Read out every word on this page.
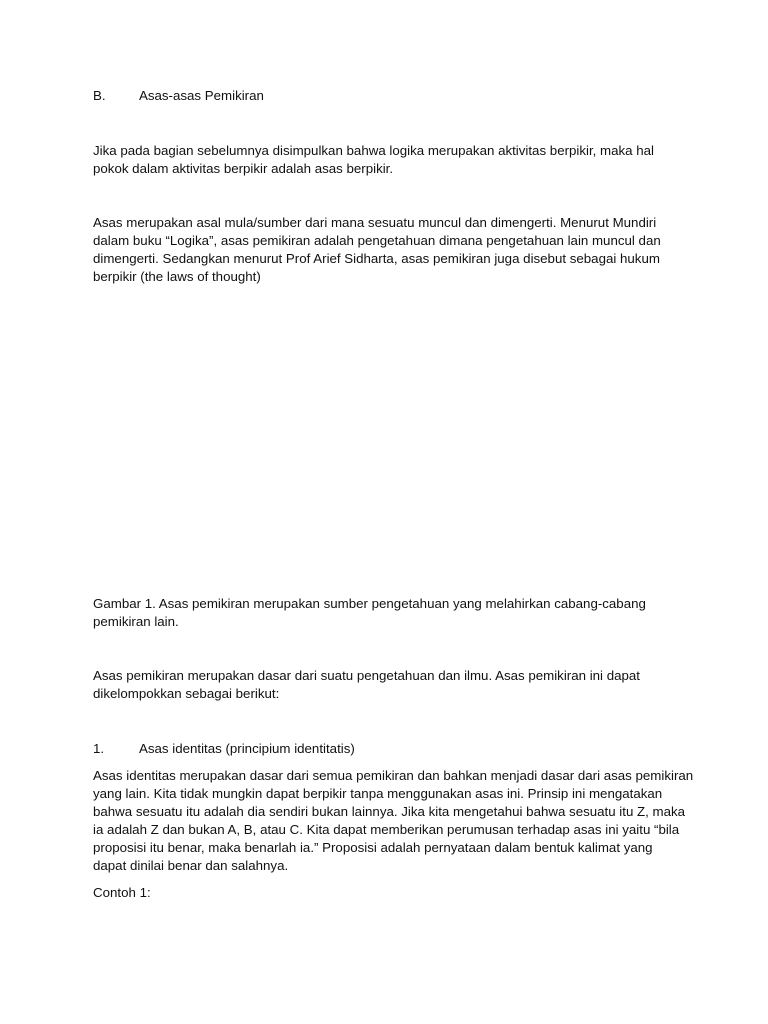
B.	Asas-asas Pemikiran
Jika pada bagian sebelumnya disimpulkan bahwa logika merupakan aktivitas berpikir, maka hal
pokok dalam aktivitas berpikir adalah asas berpikir.
Asas merupakan asal mula/sumber dari mana sesuatu muncul dan dimengerti. Menurut Mundiri
dalam buku “Logika”, asas pemikiran adalah pengetahuan dimana pengetahuan lain muncul dan
dimengerti. Sedangkan menurut Prof Arief Sidharta, asas pemikiran juga disebut sebagai hukum
berpikir (the laws of thought)
Gambar 1. Asas pemikiran merupakan sumber pengetahuan yang melahirkan cabang-cabang
pemikiran lain.
Asas pemikiran merupakan dasar dari suatu pengetahuan dan ilmu. Asas pemikiran ini dapat
dikelompokkan sebagai berikut:
1.	Asas identitas (principium identitatis)
Asas identitas merupakan dasar dari semua pemikiran dan bahkan menjadi dasar dari asas pemikiran
yang lain. Kita tidak mungkin dapat berpikir tanpa menggunakan asas ini. Prinsip ini mengatakan
bahwa sesuatu itu adalah dia sendiri bukan lainnya. Jika kita mengetahui bahwa sesuatu itu Z, maka
ia adalah Z dan bukan A, B, atau C. Kita dapat memberikan perumusan terhadap asas ini yaitu “bila
proposisi itu benar, maka benarlah ia.” Proposisi adalah pernyataan dalam bentuk kalimat yang
dapat dinilai benar dan salahnya.
Contoh 1:
